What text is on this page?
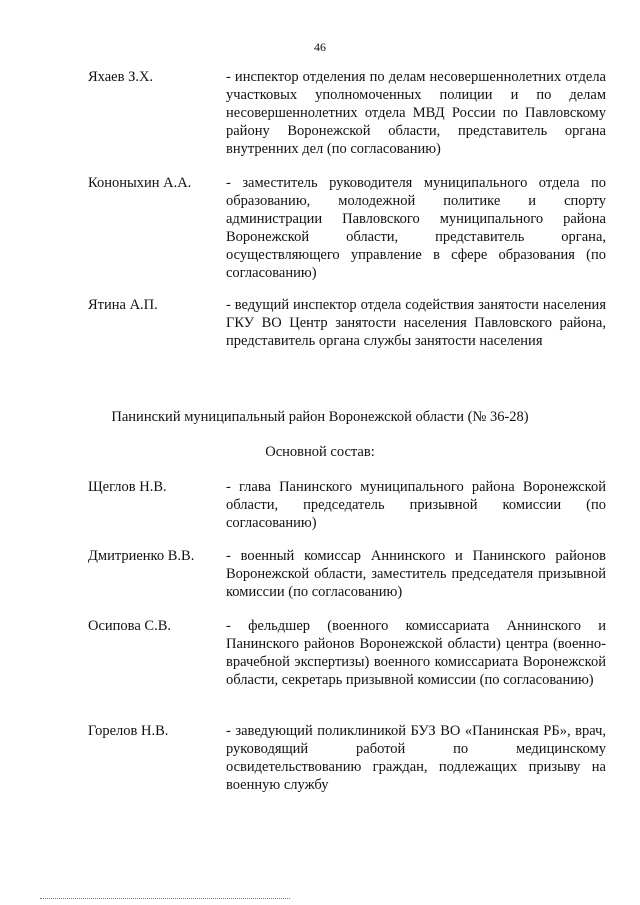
46
Яхаев З.Х.	- инспектор отделения по делам несовершеннолетних отдела участковых уполномоченных полиции и по делам несовершеннолетних отдела МВД России по Павловскому району Воронежской области, представитель органа внутренних дел (по согласованию)
Кононыхин А.А.	- заместитель руководителя муниципального отдела по образованию, молодежной политике и спорту администрации Павловского муниципального района Воронежской области, представитель органа, осуществляющего управление в сфере образования (по согласованию)
Ятина А.П.	- ведущий инспектор отдела содействия занятости населения ГКУ ВО Центр занятости населения Павловского района, представитель органа службы занятости населения
Панинский муниципальный район Воронежской области (№ 36-28)
Основной состав:
Щеглов Н.В.	- глава Панинского муниципального района Воронежской области, председатель призывной комиссии (по согласованию)
Дмитриенко В.В.	- военный комиссар Аннинского и Панинского районов Воронежской области, заместитель председателя призывной комиссии (по согласованию)
Осипова С.В.	- фельдшер (военного комиссариата Аннинского и Панинского районов Воронежской области) центра (военно-врачебной экспертизы) военного комиссариата Воронежской области, секретарь призывной комиссии (по согласованию)
Горелов Н.В.	- заведующий поликлиникой БУЗ ВО «Панинская РБ», врач, руководящий работой по медицинскому освидетельствованию граждан, подлежащих призыву на военную службу
